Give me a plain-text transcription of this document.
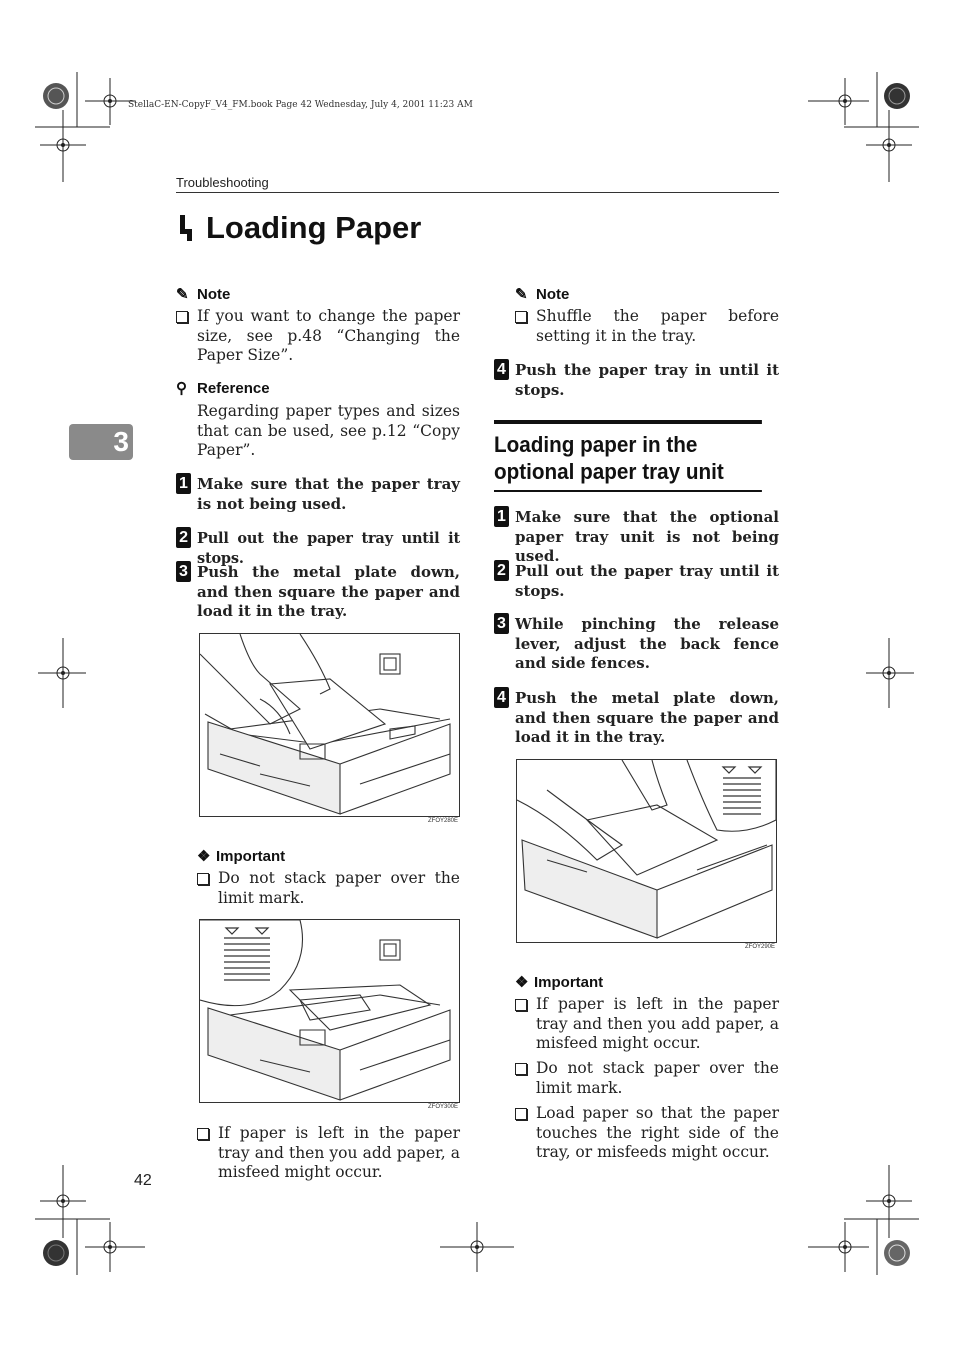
StellaC-EN-CopyF_V4_FM.book Page 42 Wednesday, July 4, 2001 11:23 AM
Troubleshooting
Loading Paper
3
✎ Note
If you want to change the paper size, see p.48 “Changing the Paper Size”.
⚲ Reference
Regarding paper types and sizes that can be used, see p.12 “Copy Paper”.
1 Make sure that the paper tray is not being used.
2 Pull out the paper tray until it stops.
3 Push the metal plate down, and then square the paper and load it in the tray.
ZFOY280E
❖ Important
Do not stack paper over the limit mark.
ZFOY300E
If paper is left in the paper tray and then you add paper, a misfeed might occur.
✎ Note
Shuffle the paper before setting it in the tray.
4 Push the paper tray in until it stops.
Loading paper in the optional paper tray unit
1 Make sure that the optional paper tray unit is not being used.
2 Pull out the paper tray until it stops.
3 While pinching the release lever, adjust the back fence and side fences.
4 Push the metal plate down, and then square the paper and load it in the tray.
ZFOY290E
❖ Important
If paper is left in the paper tray and then you add paper, a misfeed might occur.
Do not stack paper over the limit mark.
Load paper so that the paper touches the right side of the tray, or misfeeds might occur.
42
